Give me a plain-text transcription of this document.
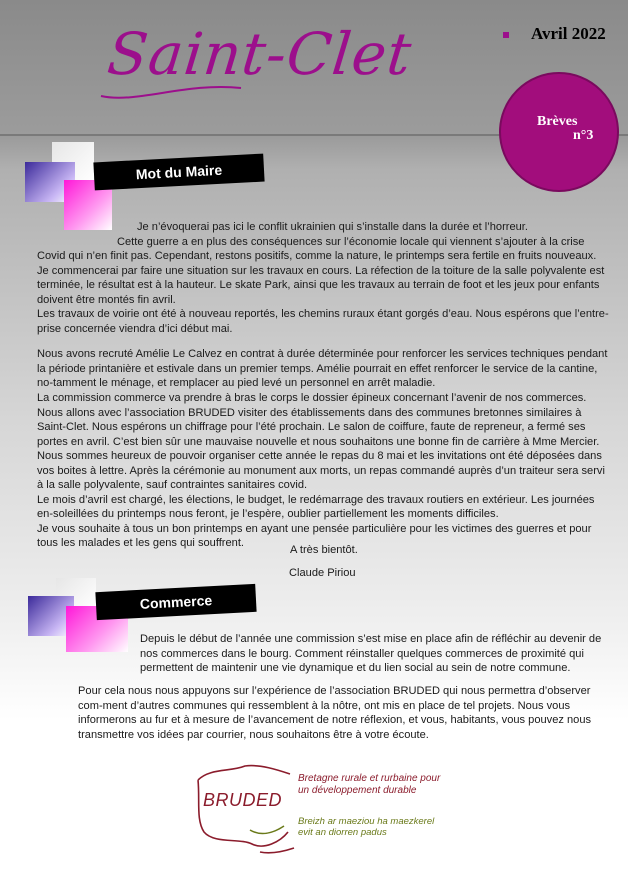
Saint-Clet	Avril 2022
Brèves
n°3
Mot du Maire

Je n’évoquerai pas ici le conflit ukrainien qui s’installe dans la durée et l’horreur.

Cette guerre a en plus des conséquences sur l’économie locale qui viennent s’ajouter à la crise Covid qui n’en finit pas. Cependant, restons positifs, comme la nature, le printemps sera fertile en fruits nouveaux.

Je commencerai par faire une situation sur les travaux en cours. La réfection de la toiture de la salle polyvalente est terminée, le résultat est à la hauteur. Le skate Park, ainsi que les travaux au terrain de foot et les jeux pour enfants doivent être montés fin avril.

Les travaux de voirie ont été à nouveau reportés, les chemins ruraux étant gorgés d’eau. Nous espérons que l’entre-prise concernée viendra d’ici début mai.

Nous avons recruté Amélie Le Calvez en contrat à durée déterminée pour renforcer les services techniques pendant la période printanière et estivale dans un premier temps. Amélie pourrait en effet renforcer le service de la cantine, no-tamment le ménage, et remplacer au pied levé un personnel en arrêt maladie.

La commission commerce va prendre à bras le corps le dossier épineux concernant l’avenir de nos commerces. Nous allons avec l’association BRUDED visiter des établissements dans des communes bretonnes similaires à Saint-Clet. Nous espérons un chiffrage pour l’été prochain. Le salon de coiffure, faute de repreneur, a fermé ses portes en avril. C’est bien sûr une mauvaise nouvelle et nous souhaitons une bonne fin de carrière à Mme Mercier.

Nous sommes heureux de pouvoir organiser cette année le repas du 8 mai et les invitations ont été déposées dans vos boites à lettre. Après la cérémonie au monument aux morts, un repas commandé auprès d’un traiteur sera servi à la salle polyvalente, sauf contraintes sanitaires covid.

Le mois d’avril est chargé, les élections, le budget, le redémarrage des travaux routiers en extérieur. Les journées en-soleillées du printemps nous feront, je l’espère, oublier partiellement les moments difficiles.

Je vous souhaite à tous un bon printemps en ayant une pensée particulière pour les victimes des guerres et pour tous les malades et les gens qui souffrent.

A très bientôt.
Claude Piriou
Commerce
Depuis le début de l’année une commission s’est mise en place afin de réfléchir au devenir de nos commerces dans le bourg. Comment réinstaller quelques commerces de proximité qui permettent de maintenir une vie dynamique et du lien social au sein de notre commune.
Pour cela nous nous appuyons sur l’expérience de l’association BRUDED qui nous permettra d’observer com-ment d’autres communes qui ressemblent à la nôtre, ont mis en place de tel projets. Nous vous informerons au fur et à mesure de l’avancement de notre réflexion, et vous, habitants, vous pouvez nous transmettre vos idées par courrier, nous souhaitons être à votre écoute.
BRUDED
Bretagne rurale et rurbaine pour un développement durable
Breizh ar maeziou ha maezkerel evit an diorren padus
